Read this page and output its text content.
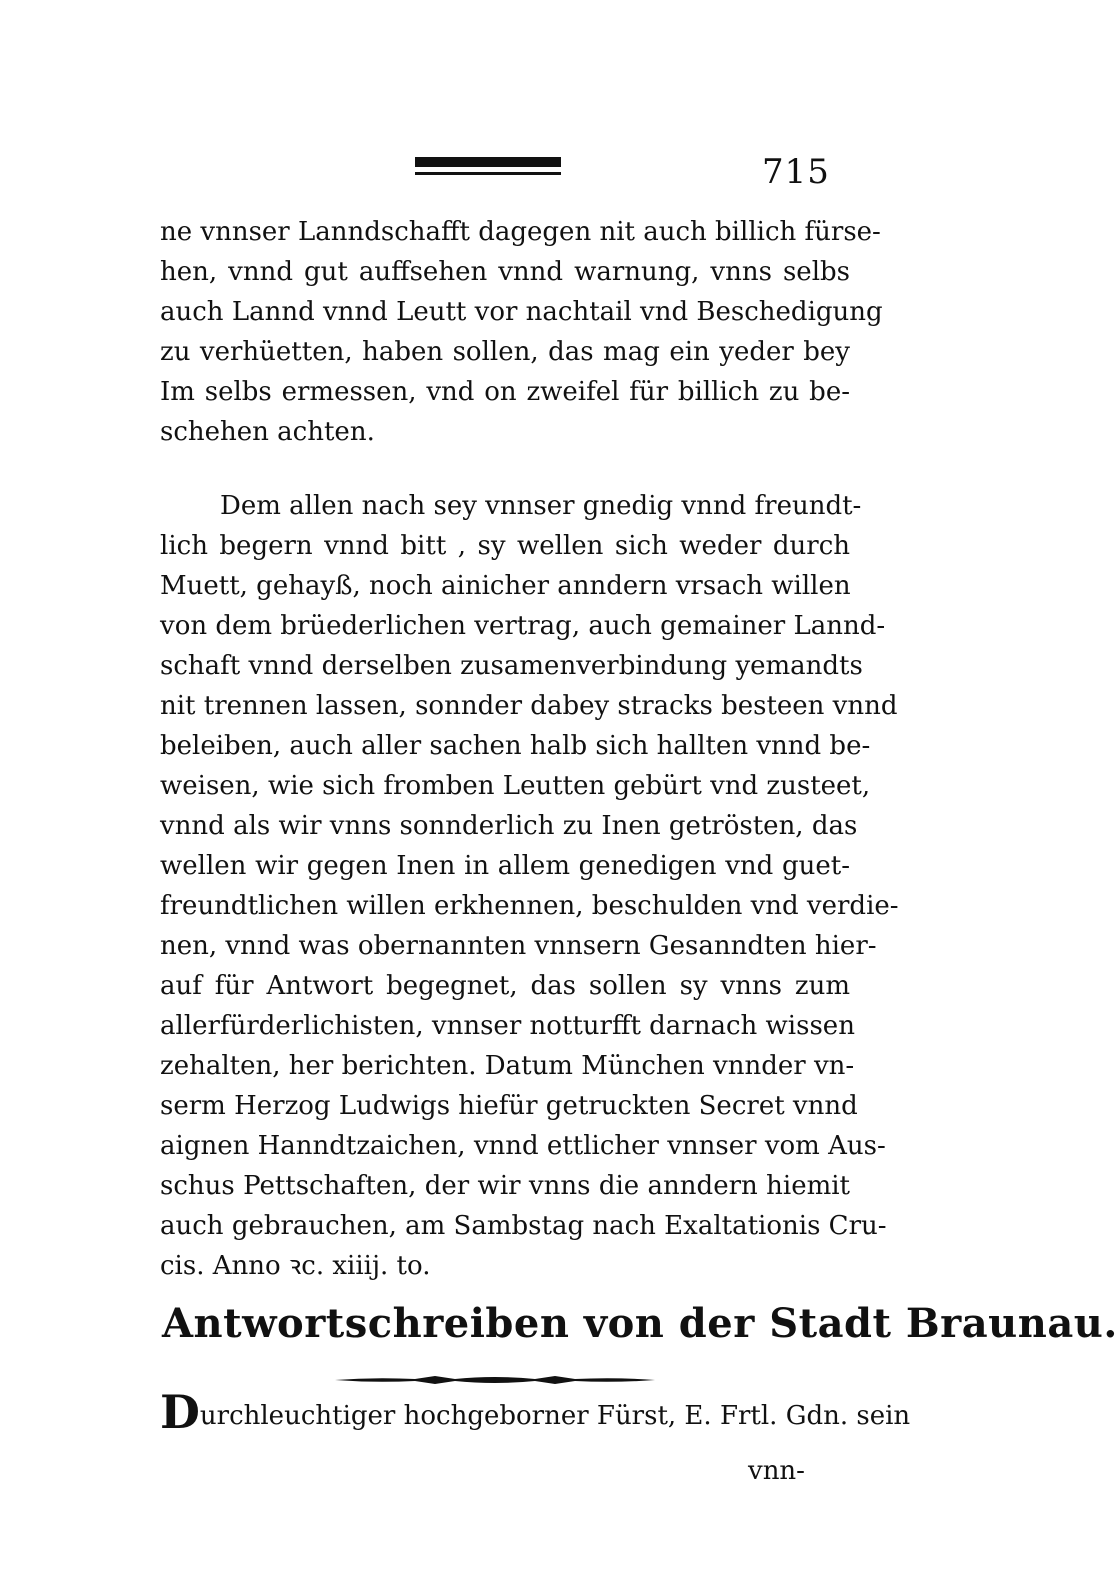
715
ne vnnser Lanndschafft dagegen nit auch billich fürse-
hen, vnnd gut auffsehen vnnd warnung, vnns selbs
auch Lannd vnnd Leutt vor nachtail vnd Beschedigung
zu verhüetten, haben sollen, das mag ein yeder bey
Im selbs ermessen, vnd on zweifel für billich zu be-
schehen achten.
Dem allen nach sey vnnser gnedig vnnd freundt-
lich begern vnnd bitt , sy wellen sich weder durch
Muett, gehayß, noch ainicher anndern vrsach willen
von dem brüederlichen vertrag, auch gemainer Lannd-
schaft vnnd derselben zusamenverbindung yemandts
nit trennen lassen, sonnder dabey stracks besteen vnnd
beleiben, auch aller sachen halb sich hallten vnnd be-
weisen, wie sich fromben Leutten gebürt vnd zusteet,
vnnd als wir vnns sonnderlich zu Inen getrösten, das
wellen wir gegen Inen in allem genedigen vnd guet-
freundtlichen willen erkhennen, beschulden vnd verdie-
nen, vnnd was obernannten vnnsern Gesanndten hier-
auf für Antwort begegnet, das sollen sy vnns zum
allerfürderlichisten, vnnser notturfft darnach wissen
zehalten, her berichten. Datum München vnnder vn-
serm Herzog Ludwigs hiefür getruckten Secret vnnd
aignen Hanndtzaichen, vnnd ettlicher vnnser vom Aus-
schus Pettschaften, der wir vnns die anndern hiemit
auch gebrauchen, am Sambstag nach Exaltationis Cru-
cis. Anno ꝛc. xiiij. to.
Antwortschreiben von der Stadt Braunau.
Durchleuchtiger hochgeborner Fürst, E. Frtl. Gdn. sein
vnn-
